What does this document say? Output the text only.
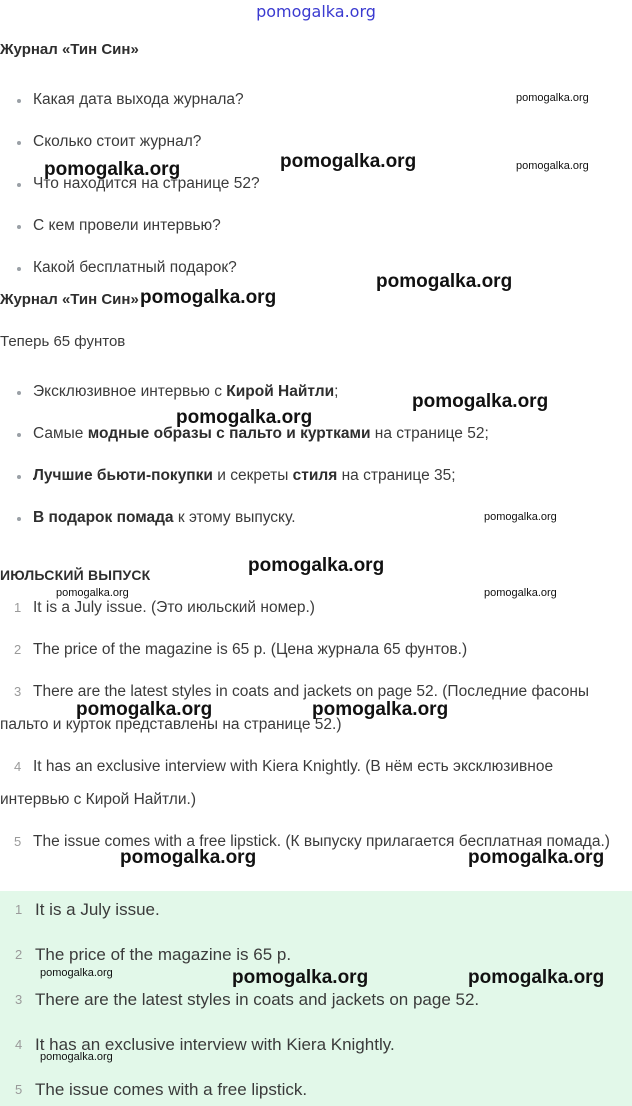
pomogalka.org
Журнал «Тин Син»
Какая дата выхода журнала?
Сколько стоит журнал?
Что находится на странице 52?
С кем провели интервью?
Какой бесплатный подарок?
Журнал «Тин Син»
Теперь 65 фунтов
Эксклюзивное интервью с Кирой Найтли;
Самые модные образы с пальто и куртками на странице 52;
Лучшие бьюти-покупки и секреты стиля на странице 35;
В подарок помада к этому выпуску.
ИЮЛЬСКИЙ ВЫПУСК
1 It is a July issue. (Это июльский номер.)
2 The price of the magazine is 65 p. (Цена журнала 65 фунтов.)
3 There are the latest styles in coats and jackets on page 52. (Последние фасоны пальто и курток представлены на странице 52.)
4 It has an exclusive interview with Kiera Knightly. (В нём есть эксклюзивное интервью с Кирой Найтли.)
5 The issue comes with a free lipstick. (К выпуску прилагается бесплатная помада.)
1 It is a July issue.
2 The price of the magazine is 65 p.
3 There are the latest styles in coats and jackets on page 52.
4 It has an exclusive interview with Kiera Knightly.
5 The issue comes with a free lipstick.
pomogalka.org
pomogalka.org	pomogalka.org	pomogalka.org
pomogalka.org
pomogalka.org
pomogalka.org
pomogalka.org
pomogalka.org
pomogalka.org
pomogalka.org	pomogalka.org
pomogalka.org	pomogalka.org
pomogalka.org	pomogalka.org
pomogalka.org	pomogalka.org	pomogalka.org
pomogalka.org
